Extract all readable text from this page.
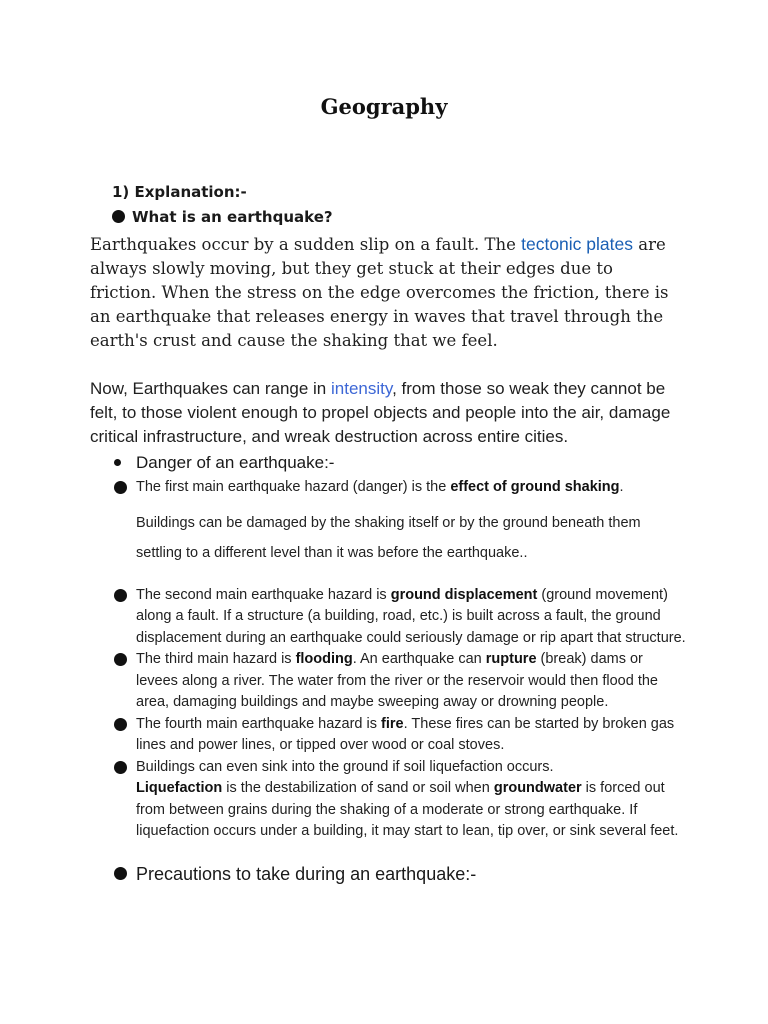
Geography
1) Explanation:-
What is an earthquake?
Earthquakes occur by a sudden slip on a fault. The tectonic plates are always slowly moving, but they get stuck at their edges due to friction. When the stress on the edge overcomes the friction, there is an earthquake that releases energy in waves that travel through the earth's crust and cause the shaking that we feel.
Now, Earthquakes can range in intensity, from those so weak they cannot be felt, to those violent enough to propel objects and people into the air, damage critical infrastructure, and wreak destruction across entire cities.
Danger of an earthquake:-
The first main earthquake hazard (danger) is the effect of ground shaking.
Buildings can be damaged by the shaking itself or by the ground beneath them
settling to a different level than it was before the earthquake..
The second main earthquake hazard is ground displacement (ground movement) along a fault. If a structure (a building, road, etc.) is built across a fault, the ground displacement during an earthquake could seriously damage or rip apart that structure.
The third main hazard is flooding. An earthquake can rupture (break) dams or levees along a river. The water from the river or the reservoir would then flood the area, damaging buildings and maybe sweeping away or drowning people.
The fourth main earthquake hazard is fire. These fires can be started by broken gas lines and power lines, or tipped over wood or coal stoves.
Buildings can even sink into the ground if soil liquefaction occurs.
Liquefaction is the destabilization of sand or soil when groundwater is forced out from between grains during the shaking of a moderate or strong earthquake. If liquefaction occurs under a building, it may start to lean, tip over, or sink several feet.
Precautions to take during an earthquake:-
